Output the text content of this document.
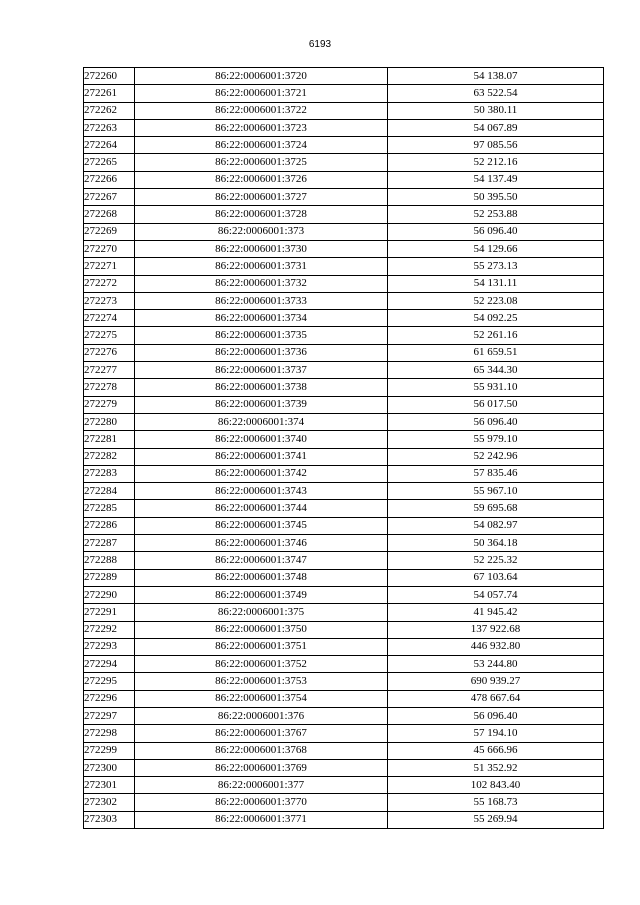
6193
272260	86:22:0006001:3720	54 138.07
272261	86:22:0006001:3721	63 522.54
272262	86:22:0006001:3722	50 380.11
272263	86:22:0006001:3723	54 067.89
272264	86:22:0006001:3724	97 085.56
272265	86:22:0006001:3725	52 212.16
272266	86:22:0006001:3726	54 137.49
272267	86:22:0006001:3727	50 395.50
272268	86:22:0006001:3728	52 253.88
272269	86:22:0006001:373	56 096.40
272270	86:22:0006001:3730	54 129.66
272271	86:22:0006001:3731	55 273.13
272272	86:22:0006001:3732	54 131.11
272273	86:22:0006001:3733	52 223.08
272274	86:22:0006001:3734	54 092.25
272275	86:22:0006001:3735	52 261.16
272276	86:22:0006001:3736	61 659.51
272277	86:22:0006001:3737	65 344.30
272278	86:22:0006001:3738	55 931.10
272279	86:22:0006001:3739	56 017.50
272280	86:22:0006001:374	56 096.40
272281	86:22:0006001:3740	55 979.10
272282	86:22:0006001:3741	52 242.96
272283	86:22:0006001:3742	57 835.46
272284	86:22:0006001:3743	55 967.10
272285	86:22:0006001:3744	59 695.68
272286	86:22:0006001:3745	54 082.97
272287	86:22:0006001:3746	50 364.18
272288	86:22:0006001:3747	52 225.32
272289	86:22:0006001:3748	67 103.64
272290	86:22:0006001:3749	54 057.74
272291	86:22:0006001:375	41 945.42
272292	86:22:0006001:3750	137 922.68
272293	86:22:0006001:3751	446 932.80
272294	86:22:0006001:3752	53 244.80
272295	86:22:0006001:3753	690 939.27
272296	86:22:0006001:3754	478 667.64
272297	86:22:0006001:376	56 096.40
272298	86:22:0006001:3767	57 194.10
272299	86:22:0006001:3768	45 666.96
272300	86:22:0006001:3769	51 352.92
272301	86:22:0006001:377	102 843.40
272302	86:22:0006001:3770	55 168.73
272303	86:22:0006001:3771	55 269.94
